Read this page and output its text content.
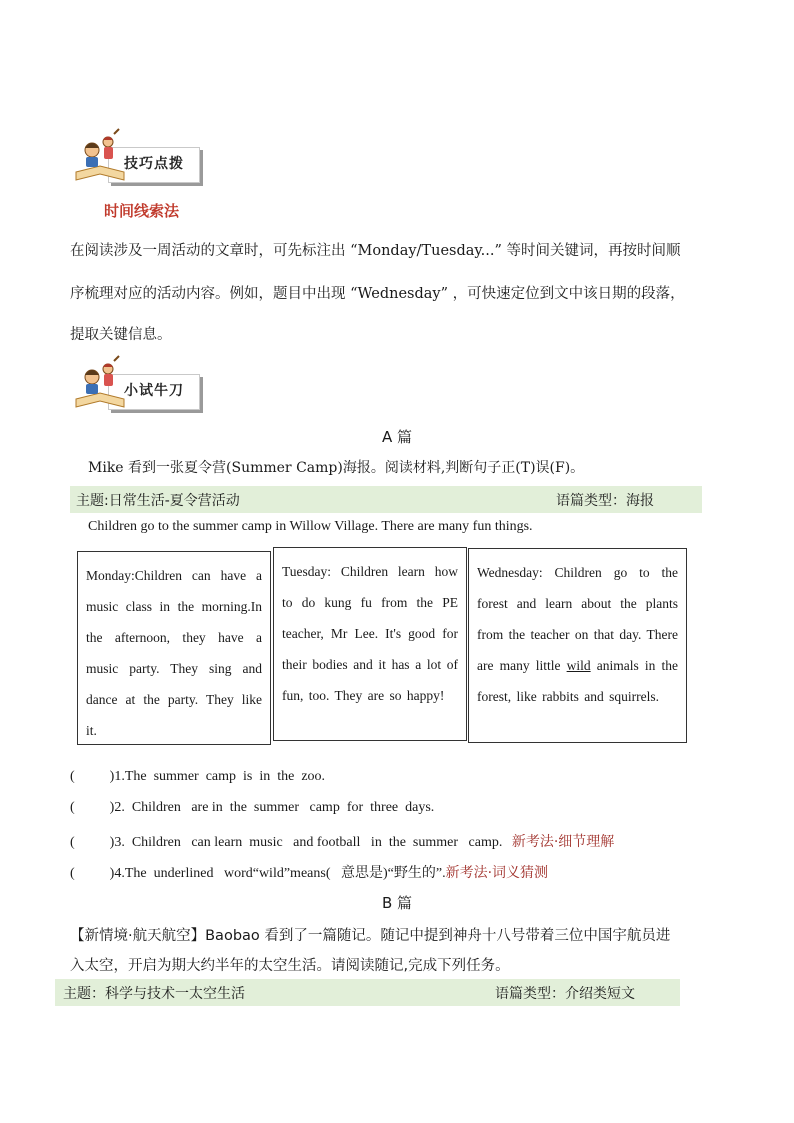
技巧点拨
时间线索法
在阅读涉及一周活动的文章时，可先标注出 “Monday/Tuesday...” 等时间关键词，再按时间顺
序梳理对应的活动内容。例如，题目中出现 “Wednesday” ，可快速定位到文中该日期的段落，
提取关键信息。
小试牛刀
A 篇
Mike 看到一张夏令营(Summer Camp)海报。阅读材料,判断句子正(T)误(F)。
主题:日常生活-夏令营活动	语篇类型：海报
Children go to the summer camp in Willow Village. There are many fun things.
Monday:Children can have a music class in the morning.In the afternoon, they have a music party. They sing and dance at the party. They like it.
Tuesday: Children learn how to do kung fu from the PE teacher, Mr Lee. It's good for their bodies and it has a lot of fun, too. They are so happy!
Wednesday: Children go to the forest and learn about the plants from the teacher on that day. There are many little wild animals in the forest, like rabbits and squirrels.
(          )1.The  summer  camp  is  in  the  zoo.
(          )2.  Children   are in  the  summer   camp  for  three  days.
(          )3.  Children   can learn  music   and football   in  the  summer   camp. 新考法·细节理解
(          )4.The  underlined   word“wild”means(   意思是)“野生的”.新考法·词义猜测
B 篇
【新情境·航天航空】Baobao 看到了一篇随记。随记中提到神舟十八号带着三位中国宇航员进
入太空，开启为期大约半年的太空生活。请阅读随记,完成下列任务。
主题：科学与技术一太空生活	语篇类型：介绍类短文
